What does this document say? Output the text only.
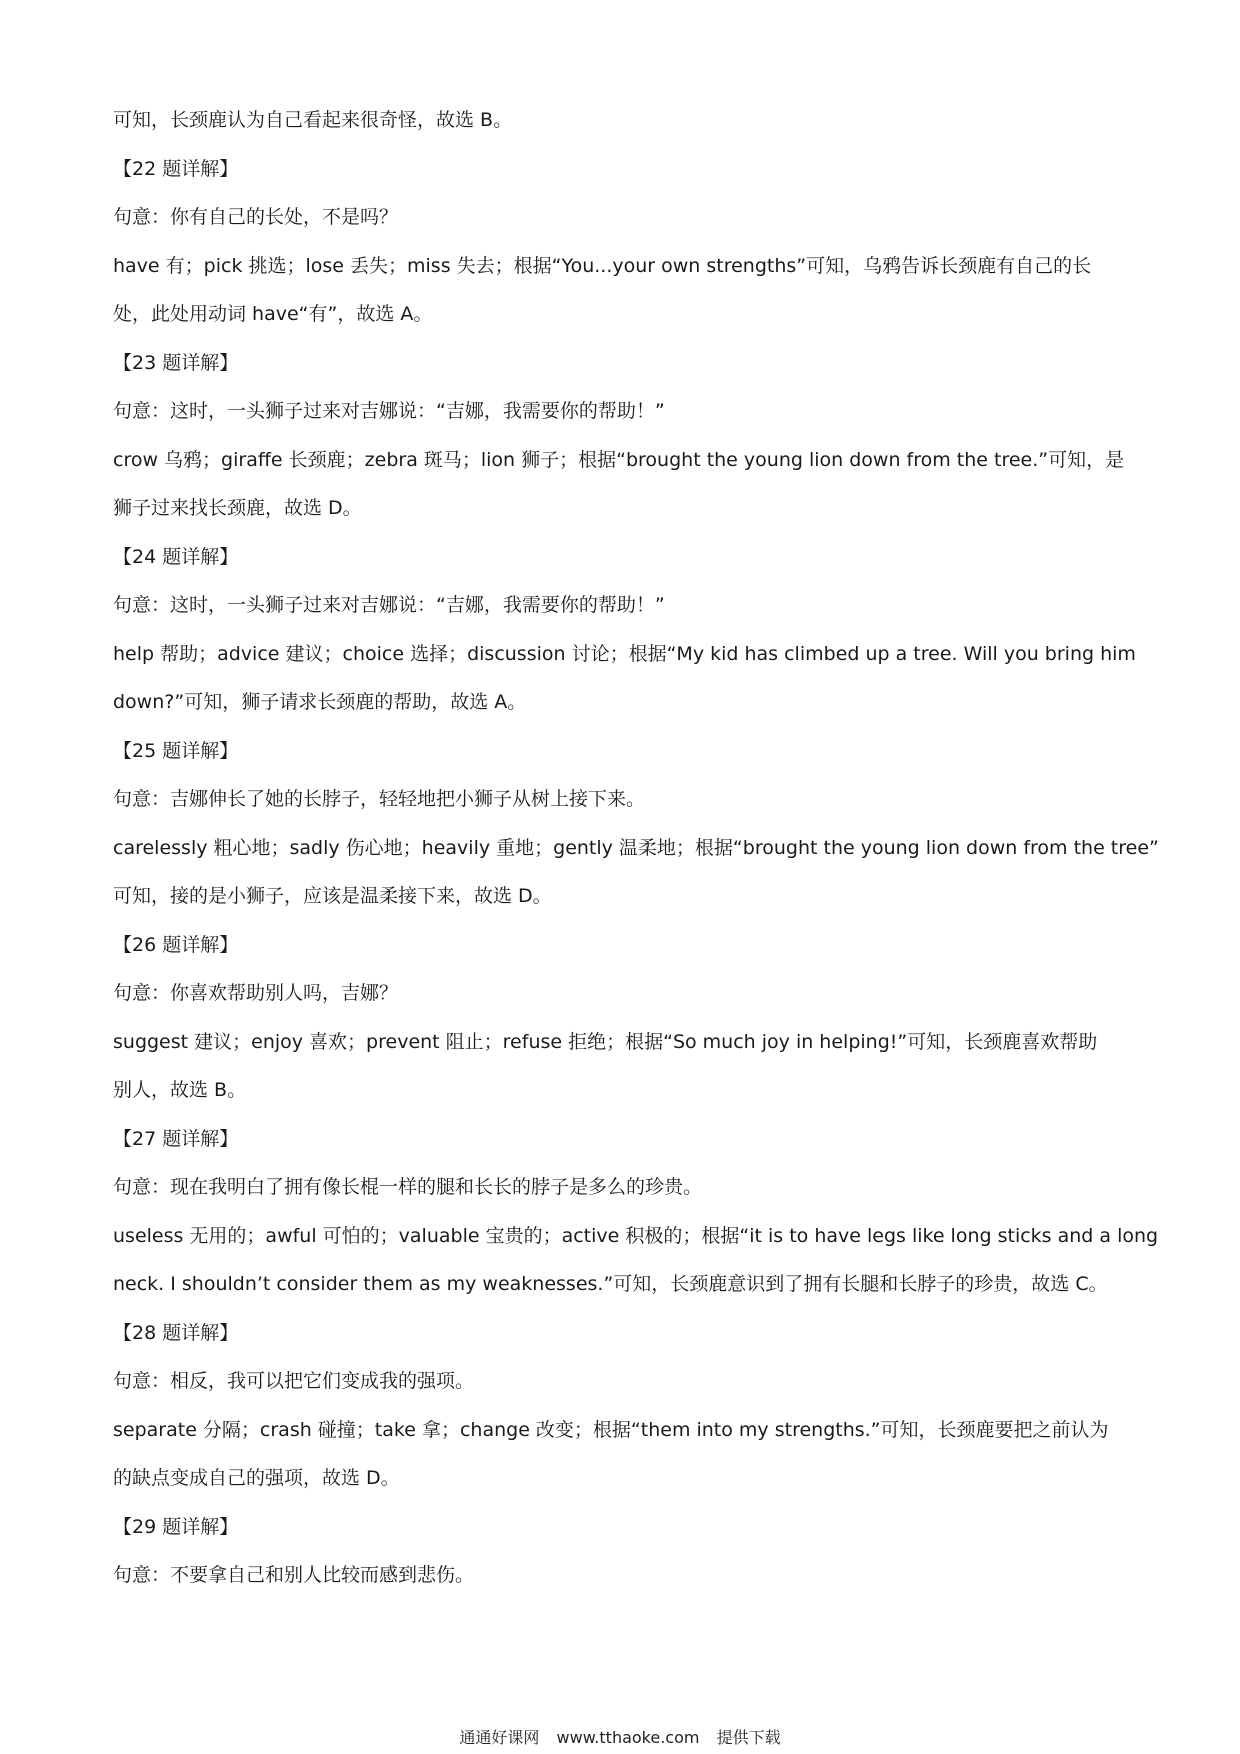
可知，长颈鹿认为自己看起来很奇怪，故选 B。

【22 题详解】

句意：你有自己的长处，不是吗？

have 有；pick 挑选；lose 丢失；miss 失去；根据“You...your own strengths”可知，乌鸦告诉长颈鹿有自己的长

处，此处用动词 have“有”，故选 A。

【23 题详解】

句意：这时，一头狮子过来对吉娜说：“吉娜，我需要你的帮助！”

crow 乌鸦；giraffe 长颈鹿；zebra 斑马；lion 狮子；根据“brought the young lion down from the tree.”可知，是

狮子过来找长颈鹿，故选 D。

【24 题详解】

句意：这时，一头狮子过来对吉娜说：“吉娜，我需要你的帮助！”

help 帮助；advice 建议；choice 选择；discussion 讨论；根据“My kid has climbed up a tree. Will you bring him

down?”可知，狮子请求长颈鹿的帮助，故选 A。

【25 题详解】

句意：吉娜伸长了她的长脖子，轻轻地把小狮子从树上接下来。

carelessly 粗心地；sadly 伤心地；heavily 重地；gently 温柔地；根据“brought the young lion down from the tree”

可知，接的是小狮子，应该是温柔接下来，故选 D。

【26 题详解】

句意：你喜欢帮助别人吗，吉娜？

suggest 建议；enjoy 喜欢；prevent 阻止；refuse 拒绝；根据“So much joy in helping!”可知，长颈鹿喜欢帮助

别人，故选 B。

【27 题详解】

句意：现在我明白了拥有像长棍一样的腿和长长的脖子是多么的珍贵。

useless 无用的；awful 可怕的；valuable 宝贵的；active 积极的；根据“it is to have legs like long sticks and a long

neck. I shouldn’t consider them as my weaknesses.”可知，长颈鹿意识到了拥有长腿和长脖子的珍贵，故选 C。

【28 题详解】

句意：相反，我可以把它们变成我的强项。

separate 分隔；crash 碰撞；take 拿；change 改变；根据“them into my strengths.”可知，长颈鹿要把之前认为

的缺点变成自己的强项，故选 D。

【29 题详解】

句意：不要拿自己和别人比较而感到悲伤。

通通好课网 www.tthaoke.com 提供下载
